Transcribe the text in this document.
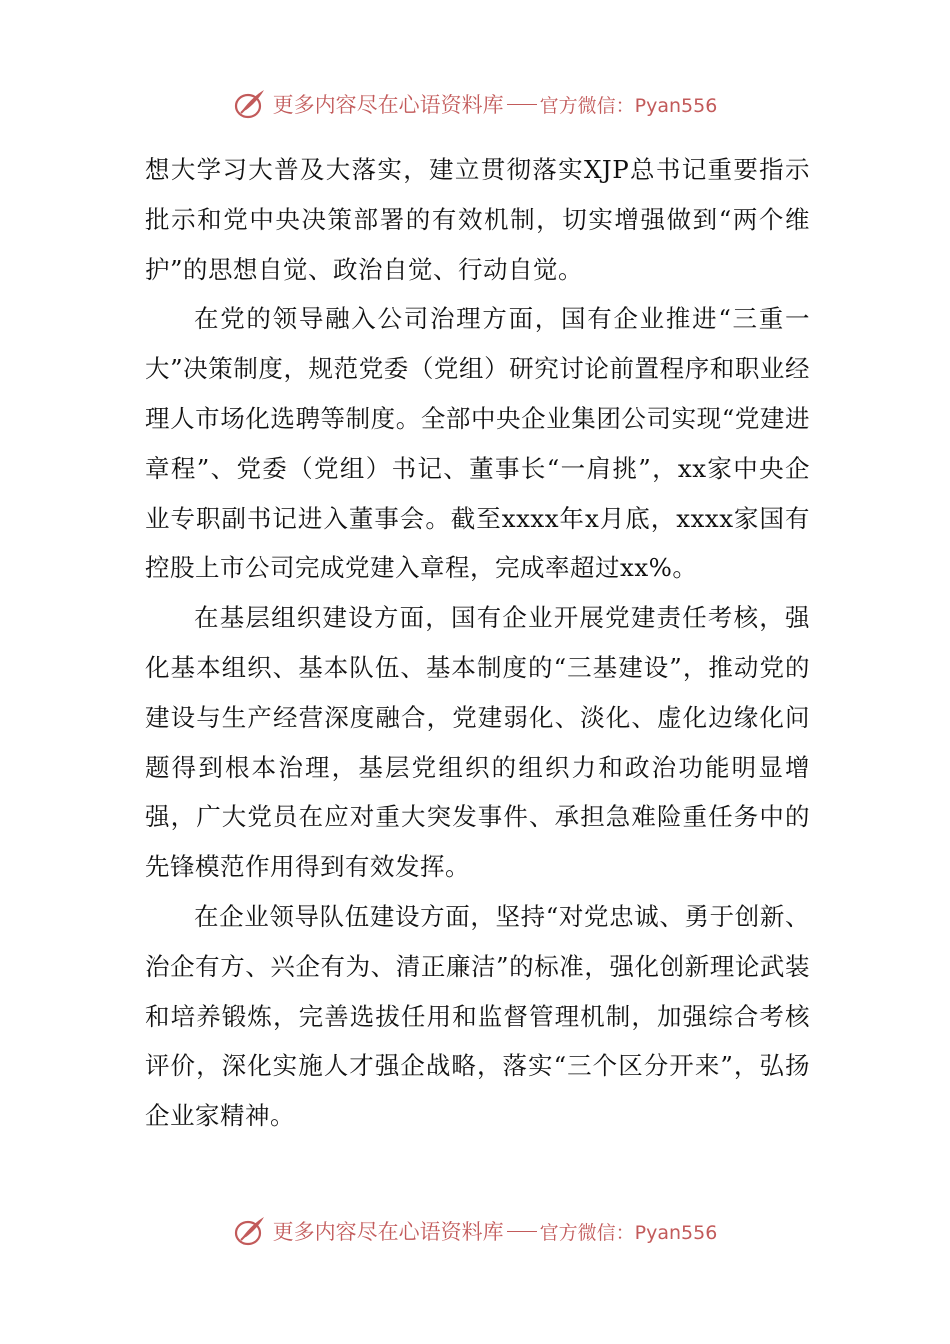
更多内容尽在心语资料库 官方微信：Pyan556

想大学习大普及大落实，建立贯彻落实XJP总书记重要指示批示和党中央决策部署的有效机制，切实增强做到“两个维护”的思想自觉、政治自觉、行动自觉。

在党的领导融入公司治理方面，国有企业推进“三重一大”决策制度，规范党委（党组）研究讨论前置程序和职业经理人市场化选聘等制度。全部中央企业集团公司实现“党建进章程”、党委（党组）书记、董事长“一肩挑”，xx家中央企业专职副书记进入董事会。截至xxxx年x月底，xxxx家国有控股上市公司完成党建入章程，完成率超过xx%。

在基层组织建设方面，国有企业开展党建责任考核，强化基本组织、基本队伍、基本制度的“三基建设”，推动党的建设与生产经营深度融合，党建弱化、淡化、虚化边缘化问题得到根本治理，基层党组织的组织力和政治功能明显增强，广大党员在应对重大突发事件、承担急难险重任务中的先锋模范作用得到有效发挥。

在企业领导队伍建设方面，坚持“对党忠诚、勇于创新、治企有方、兴企有为、清正廉洁”的标准，强化创新理论武装和培养锻炼，完善选拔任用和监督管理机制，加强综合考核评价，深化实施人才强企战略，落实“三个区分开来”，弘扬企业家精神。

更多内容尽在心语资料库 官方微信：Pyan556
